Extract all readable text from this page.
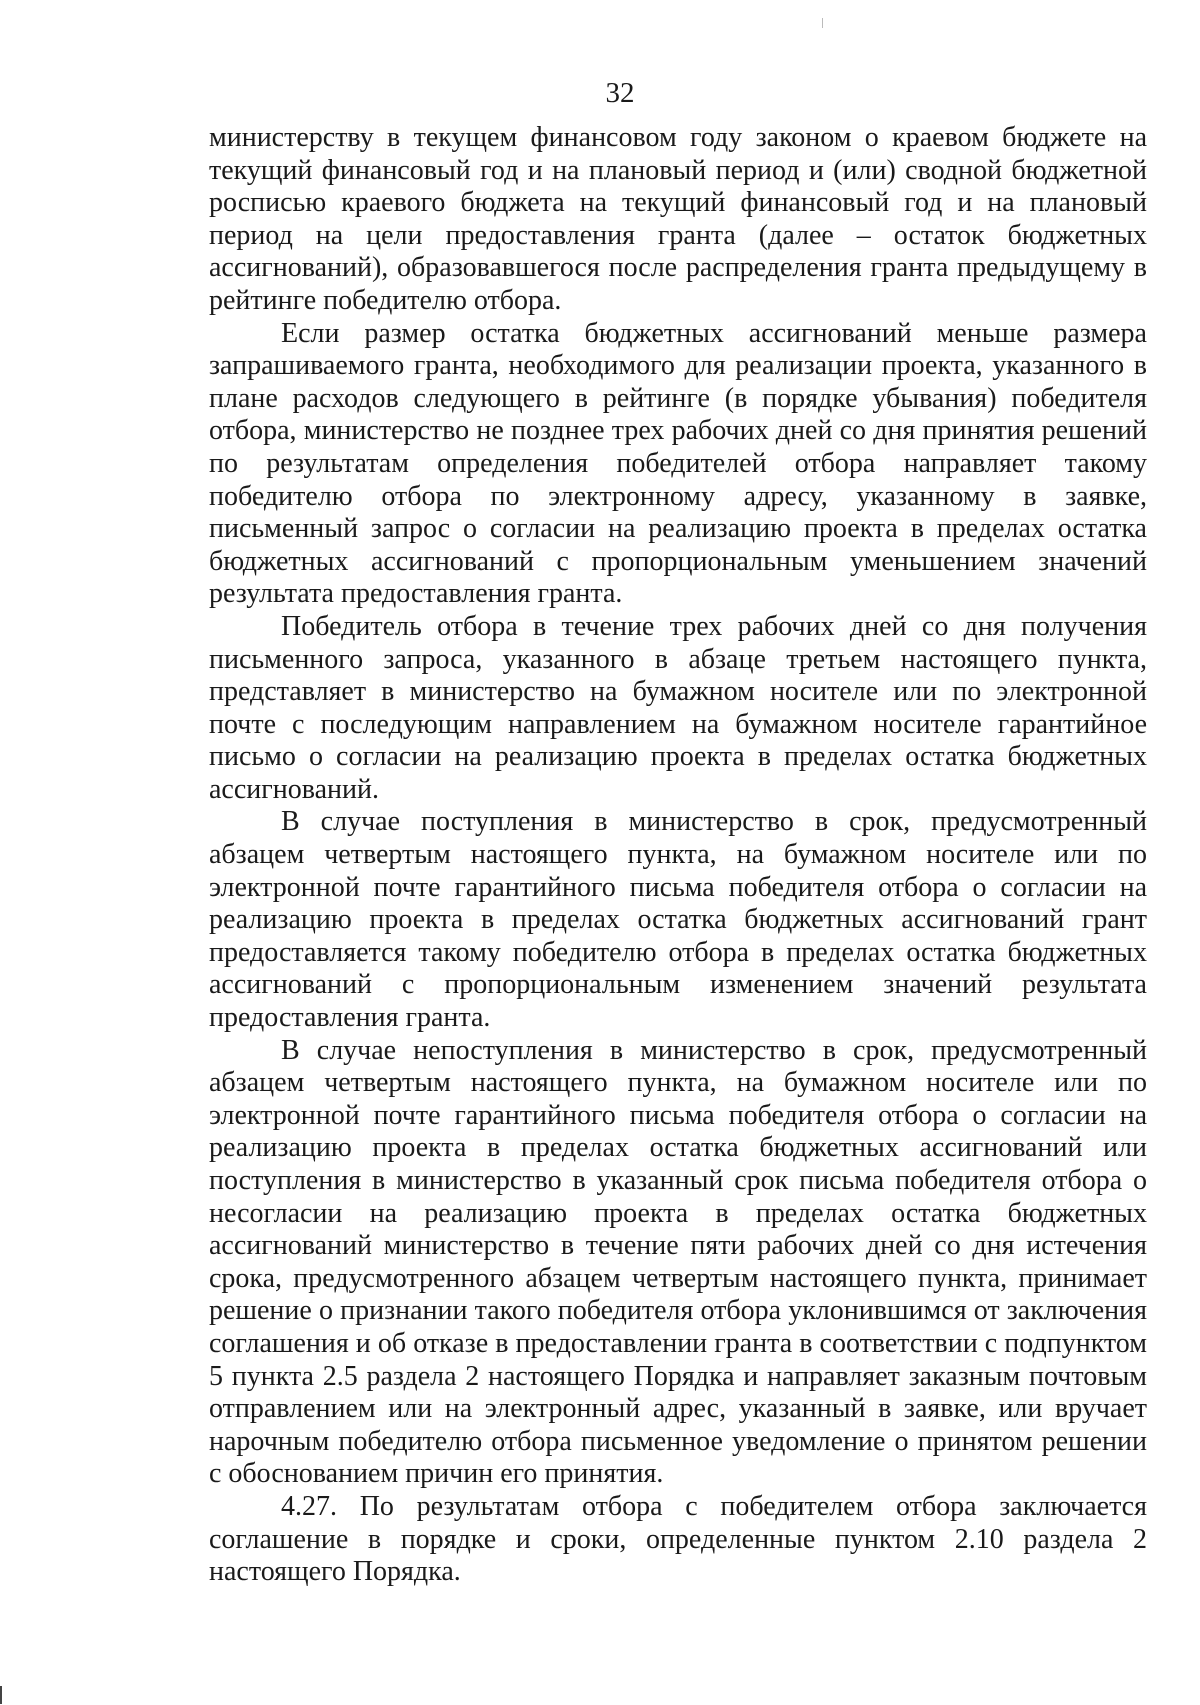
32

министерству в текущем финансовом году законом о краевом бюджете на текущий финансовый год и на плановый период и (или) сводной бюджетной росписью краевого бюджета на текущий финансовый год и на плановый период на цели предоставления гранта (далее – остаток бюджетных ассигнований), образовавшегося после распределения гранта предыдущему в рейтинге победителю отбора.

Если размер остатка бюджетных ассигнований меньше размера запрашиваемого гранта, необходимого для реализации проекта, указанного в плане расходов следующего в рейтинге (в порядке убывания) победителя отбора, министерство не позднее трех рабочих дней со дня принятия решений по результатам определения победителей отбора направляет такому победителю отбора по электронному адресу, указанному в заявке, письменный запрос о согласии на реализацию проекта в пределах остатка бюджетных ассигнований с пропорциональным уменьшением значений результата предоставления гранта.

Победитель отбора в течение трех рабочих дней со дня получения письменного запроса, указанного в абзаце третьем настоящего пункта, представляет в министерство на бумажном носителе или по электронной почте с последующим направлением на бумажном носителе гарантийное письмо о согласии на реализацию проекта в пределах остатка бюджетных ассигнований.

В случае поступления в министерство в срок, предусмотренный абзацем четвертым настоящего пункта, на бумажном носителе или по электронной почте гарантийного письма победителя отбора о согласии на реализацию проекта в пределах остатка бюджетных ассигнований грант предоставляется такому победителю отбора в пределах остатка бюджетных ассигнований с пропорциональным изменением значений результата предоставления гранта.

В случае непоступления в министерство в срок, предусмотренный абзацем четвертым настоящего пункта, на бумажном носителе или по электронной почте гарантийного письма победителя отбора о согласии на реализацию проекта в пределах остатка бюджетных ассигнований или поступления в министерство в указанный срок письма победителя отбора о несогласии на реализацию проекта в пределах остатка бюджетных ассигнований министерство в течение пяти рабочих дней со дня истечения срока, предусмотренного абзацем четвертым настоящего пункта, принимает решение о признании такого победителя отбора уклонившимся от заключения соглашения и об отказе в предоставлении гранта в соответствии с подпунктом 5 пункта 2.5 раздела 2 настоящего Порядка и направляет заказным почтовым отправлением или на электронный адрес, указанный в заявке, или вручает нарочным победителю отбора письменное уведомление о принятом решении с обоснованием причин его принятия.

4.27. По результатам отбора с победителем отбора заключается соглашение в порядке и сроки, определенные пунктом 2.10 раздела 2 настоящего Порядка.
